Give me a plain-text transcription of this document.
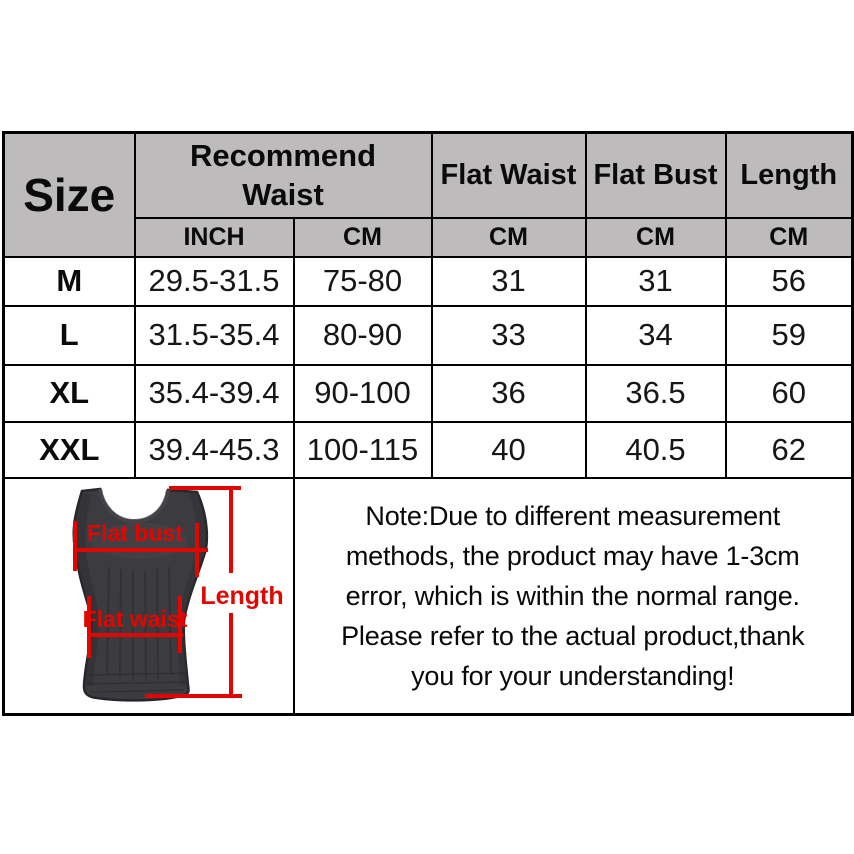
Size	Recommend Waist		Flat Waist	Flat Bust	Length
	INCH	CM	CM	CM	CM
M	29.5-31.5	75-80	31	31	56
L	31.5-35.4	80-90	33	34	59
XL	35.4-39.4	90-100	36	36.5	60
XXL	39.4-45.3	100-115	40	40.5	62

Flat bust
Flat waist
Length

Note:Due to different measurement
methods, the product may have 1-3cm
error, which is within the normal range.
Please refer to the actual product,thank
you for your understanding!
